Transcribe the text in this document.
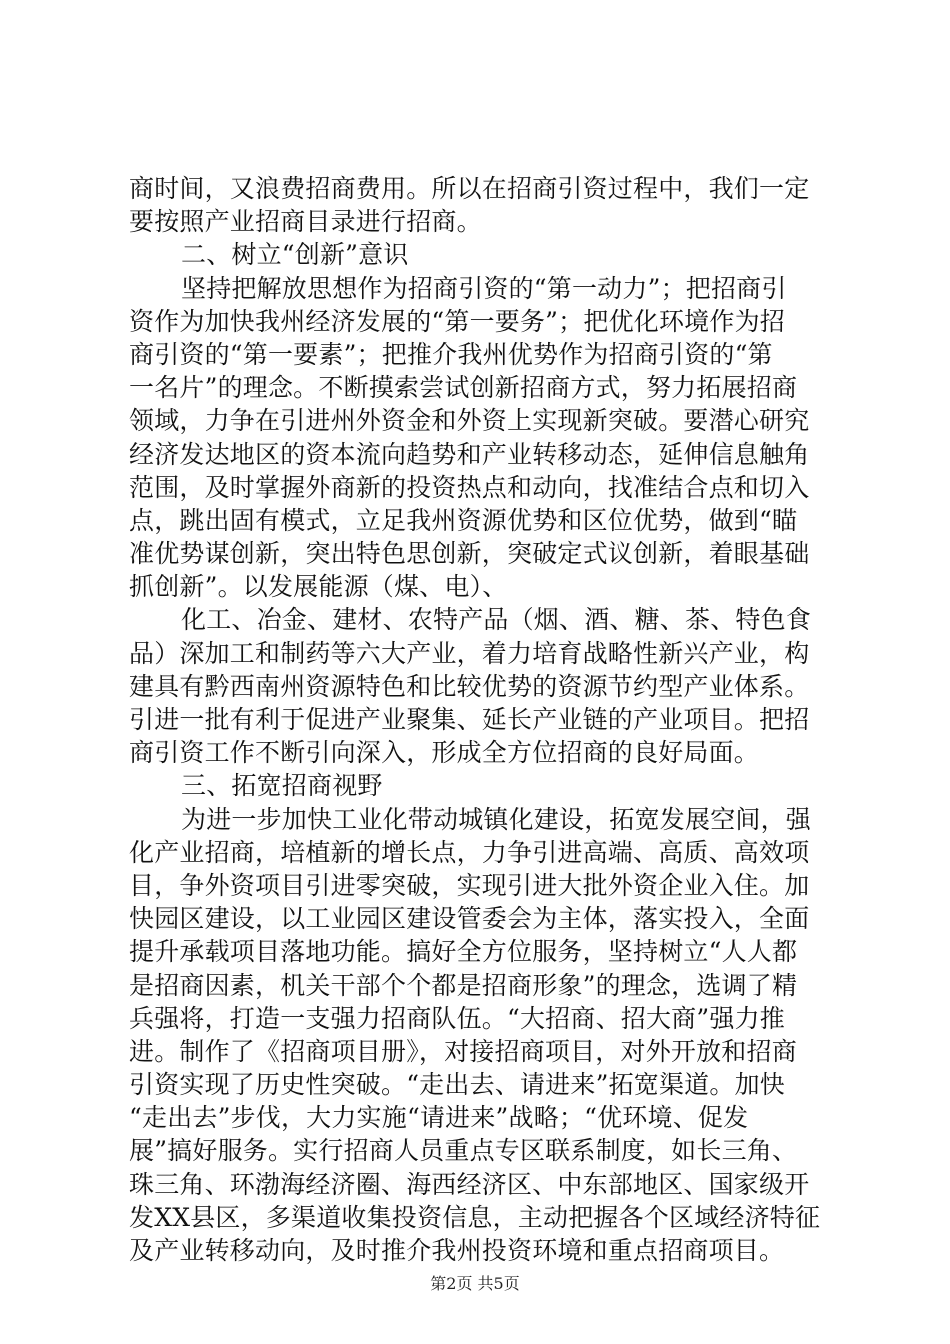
商时间，又浪费招商费用。所以在招商引资过程中，我们一定
要按照产业招商目录进行招商。
二、树立“创新”意识
坚持把解放思想作为招商引资的“第一动力”；把招商引
资作为加快我州经济发展的“第一要务”；把优化环境作为招
商引资的“第一要素”；把推介我州优势作为招商引资的“第
一名片”的理念。不断摸索尝试创新招商方式，努力拓展招商
领域，力争在引进州外资金和外资上实现新突破。要潜心研究
经济发达地区的资本流向趋势和产业转移动态，延伸信息触角
范围，及时掌握外商新的投资热点和动向，找准结合点和切入
点，跳出固有模式，立足我州资源优势和区位优势，做到“瞄
准优势谋创新，突出特色思创新，突破定式议创新，着眼基础
抓创新”。以发展能源（煤、电）、
化工、冶金、建材、农特产品（烟、酒、糖、茶、特色食
品）深加工和制药等六大产业，着力培育战略性新兴产业，构
建具有黔西南州资源特色和比较优势的资源节约型产业体系。
引进一批有利于促进产业聚集、延长产业链的产业项目。把招
商引资工作不断引向深入，形成全方位招商的良好局面。
三、拓宽招商视野
为进一步加快工业化带动城镇化建设，拓宽发展空间，强
化产业招商，培植新的增长点，力争引进高端、高质、高效项
目，争外资项目引进零突破，实现引进大批外资企业入住。加
快园区建设，以工业园区建设管委会为主体，落实投入，全面
提升承载项目落地功能。搞好全方位服务，坚持树立“人人都
是招商因素，机关干部个个都是招商形象”的理念，选调了精
兵强将，打造一支强力招商队伍。“大招商、招大商”强力推
进。制作了《招商项目册》，对接招商项目，对外开放和招商
引资实现了历史性突破。“走出去、请进来”拓宽渠道。加快
“走出去”步伐，大力实施“请进来”战略；“优环境、促发
展”搞好服务。实行招商人员重点专区联系制度，如长三角、
珠三角、环渤海经济圈、海西经济区、中东部地区、国家级开
发XX县区，多渠道收集投资信息，主动把握各个区域经济特征
及产业转移动向，及时推介我州投资环境和重点招商项目。
第2页 共5页
